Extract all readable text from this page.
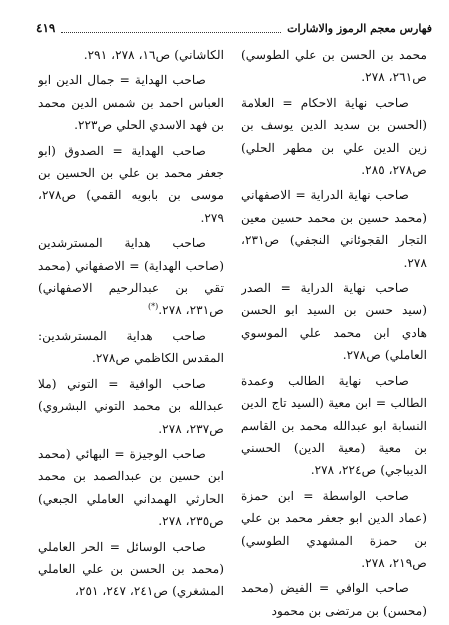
فهارس معجم الرموز والاشارات
٤١٩

محمد بن الحسن بن علي الطوسي) ص٢٦١، ٢٧٨.

صاحب نهاية الاحكام = العلامة (الحسن بن سديد الدين يوسف بن زين الدين علي بن مطهر الحلي) ص٢٧٨، ٢٨٥.

صاحب نهاية الدراية = الاصفهاني (محمد حسين بن محمد حسين معين التجار القجوئاني النجفي) ص٢٣١، ٢٧٨.

صاحب نهاية الدراية = الصدر (سيد حسن بن السيد ابو الحسن هادي ابن محمد علي الموسوي العاملي) ص٢٧٨.

صاحب نهاية الطالب وعمدة الطالب = ابن معية (السيد تاج الدين النسابة ابو عبدالله محمد بن القاسم بن معية (معية الدين) الحسني الديباجي) ص٢٢٤، ٢٧٨.

صاحب الواسطة = ابن حمزة (عماد الدين ابو جعفر محمد بن علي بن حمزة المشهدي الطوسي) ص٢١٩، ٢٧٨.

صاحب الوافي = الفيض (محمد (محسن) بن مرتضى بن محمود

الكاشاني) ص١٦، ٢٧٨، ٢٩١.

صاحب الهداية = جمال الدين ابو العباس احمد بن شمس الدين محمد بن فهد الاسدي الحلي ص٢٢٣.

صاحب الهداية = الصدوق (ابو جعفر محمد بن علي بن الحسين بن موسى بن بابويه القمي) ص٢٧٨، ٢٧٩.

صاحب هداية المسترشدين (صاحب الهداية) = الاصفهاني (محمد تقي بن عبدالرحيم الاصفهاني) ص٢٣١، ٢٧٨.(*)

صاحب هداية المسترشدين: المقدس الكاظمي ص٢٧٨.

صاحب الوافية = التوني (ملا عبدالله بن محمد التوني البشروي) ص٢٣٧، ٢٧٨.

صاحب الوجيزة = البهائي (محمد ابن حسين بن عبدالصمد بن محمد الحارثي الهمداني العاملي الجبعي) ص٢٣٥، ٢٧٨.

صاحب الوسائل = الحر العاملي (محمد بن الحسن بن علي العاملي المشغري) ص٢٤١، ٢٤٧، ٢٥١،
